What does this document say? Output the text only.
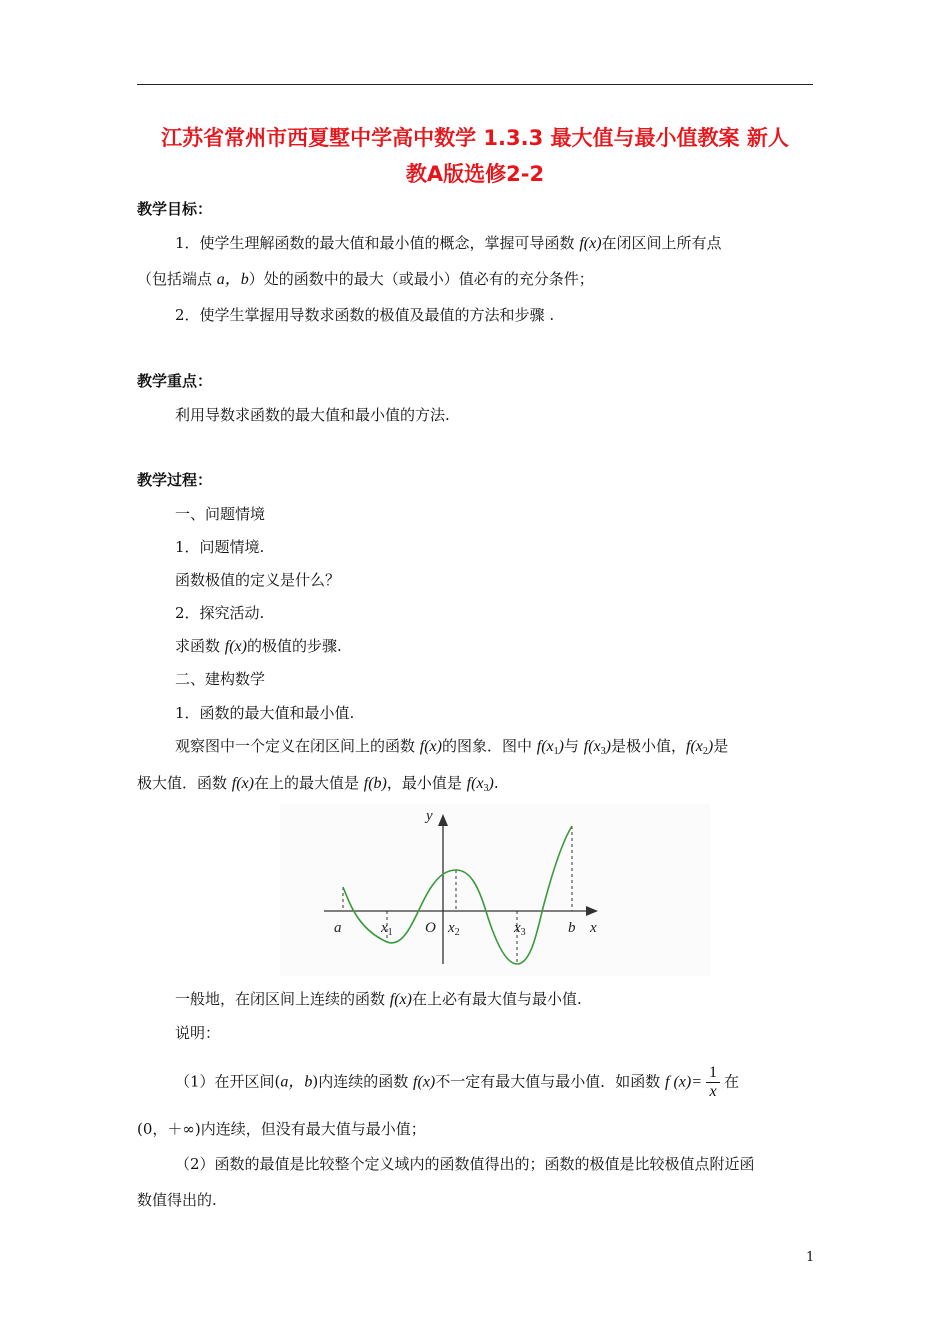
江苏省常州市西夏墅中学高中数学 1.3.3 最大值与最小值教案 新人
教A版选修2-2
教学目标：
1．使学生理解函数的最大值和最小值的概念，掌握可导函数 f(x)在闭区间上所有点
（包括端点 a，b）处的函数中的最大（或最小）值必有的充分条件；
2．使学生掌握用导数求函数的极值及最值的方法和步骤 .
教学重点：
利用导数求函数的最大值和最小值的方法.
教学过程：
一、问题情境
1．问题情境.
函数极值的定义是什么？
2．探究活动.
求函数 f(x)的极值的步骤.
二、建构数学
1．函数的最大值和最小值.
观察图中一个定义在闭区间上的函数 f(x)的图象．图中 $f(x_1)$与 $f(x_3)$是极小值，$f(x_2)$是
极大值．函数 f(x)在上的最大值是 f(b)，最小值是 $f(x_3)$.
y
x
a	$x_1$ O $x_2$	$x_3$	b
一般地，在闭区间上连续的函数 f(x)在上必有最大值与最小值.
说明：
（1）在开区间(a，b)内连续的函数 f(x)不一定有最大值与最小值．如函数 f $(x)= \frac{1}{x}$ 在
(0，＋∞)内连续，但没有最大值与最小值；
（2）函数的最值是比较整个定义域内的函数值得出的；函数的极值是比较极值点附近函
数值得出的.
1
